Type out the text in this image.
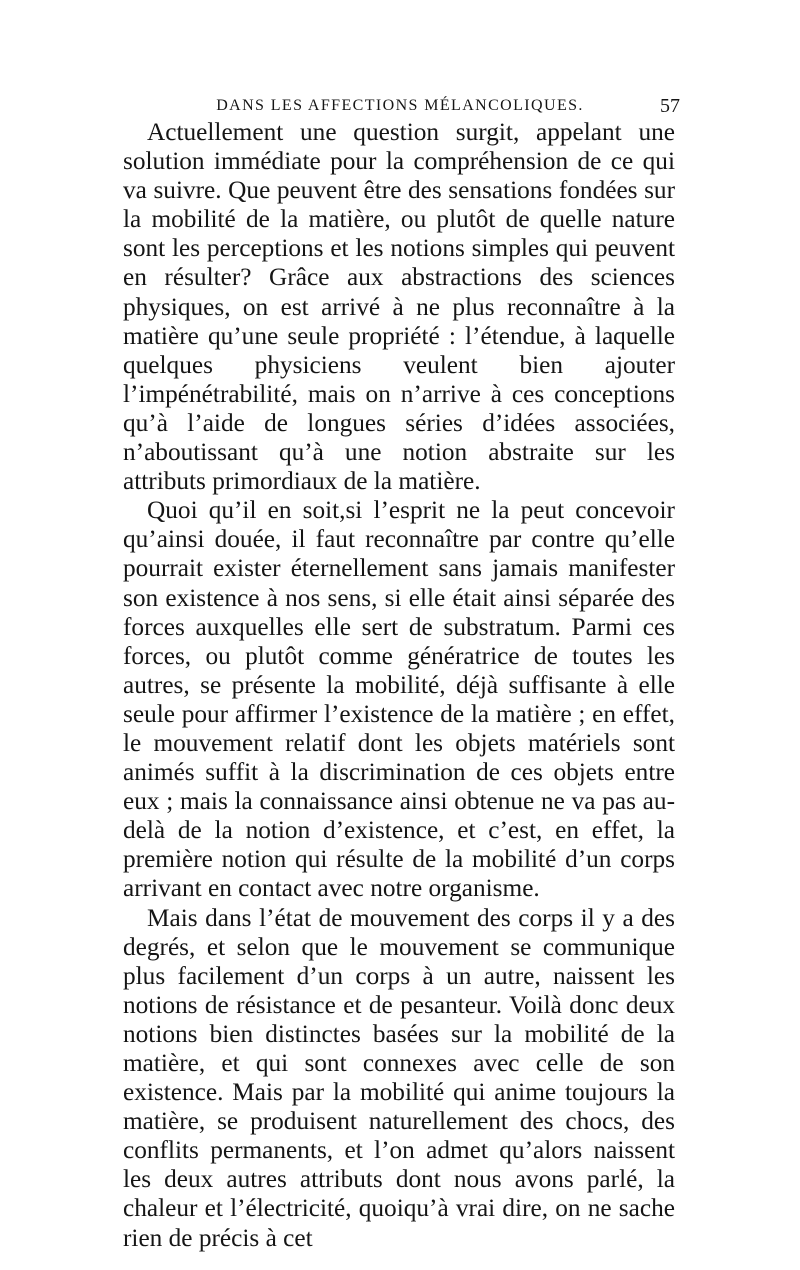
DANS LES AFFECTIONS MÉLANCOLIQUES.	57

Actuellement une question surgit, appelant une solution immédiate pour la compréhension de ce qui va suivre. Que peuvent être des sensations fondées sur la mobilité de la matière, ou plutôt de quelle nature sont les perceptions et les notions simples qui peuvent en résulter? Grâce aux abstractions des sciences physiques, on est arrivé à ne plus reconnaître à la matière qu’une seule propriété : l’étendue, à laquelle quelques physiciens veulent bien ajouter l’impénétrabilité, mais on n’arrive à ces conceptions qu’à l’aide de longues séries d’idées associées, n’aboutissant qu’à une notion abstraite sur les attributs primordiaux de la matière.

Quoi qu’il en soit,si l’esprit ne la peut concevoir qu’ainsi douée, il faut reconnaître par contre qu’elle pourrait exister éternellement sans jamais manifester son existence à nos sens, si elle était ainsi séparée des forces auxquelles elle sert de substratum. Parmi ces forces, ou plutôt comme génératrice de toutes les autres, se présente la mobilité, déjà suffisante à elle seule pour affirmer l’existence de la matière ; en effet, le mouvement relatif dont les objets matériels sont animés suffit à la discrimination de ces objets entre eux ; mais la connaissance ainsi obtenue ne va pas au-delà de la notion d’existence, et c’est, en effet, la première notion qui résulte de la mobilité d’un corps arrivant en contact avec notre organisme.

Mais dans l’état de mouvement des corps il y a des degrés, et selon que le mouvement se communique plus facilement d’un corps à un autre, naissent les notions de résistance et de pesanteur. Voilà donc deux notions bien distinctes basées sur la mobilité de la matière, et qui sont connexes avec celle de son existence. Mais par la mobilité qui anime toujours la matière, se produisent naturellement des chocs, des conflits permanents, et l’on admet qu’alors naissent les deux autres attributs dont nous avons parlé, la chaleur et l’électricité, quoiqu’à vrai dire, on ne sache rien de précis à cet
